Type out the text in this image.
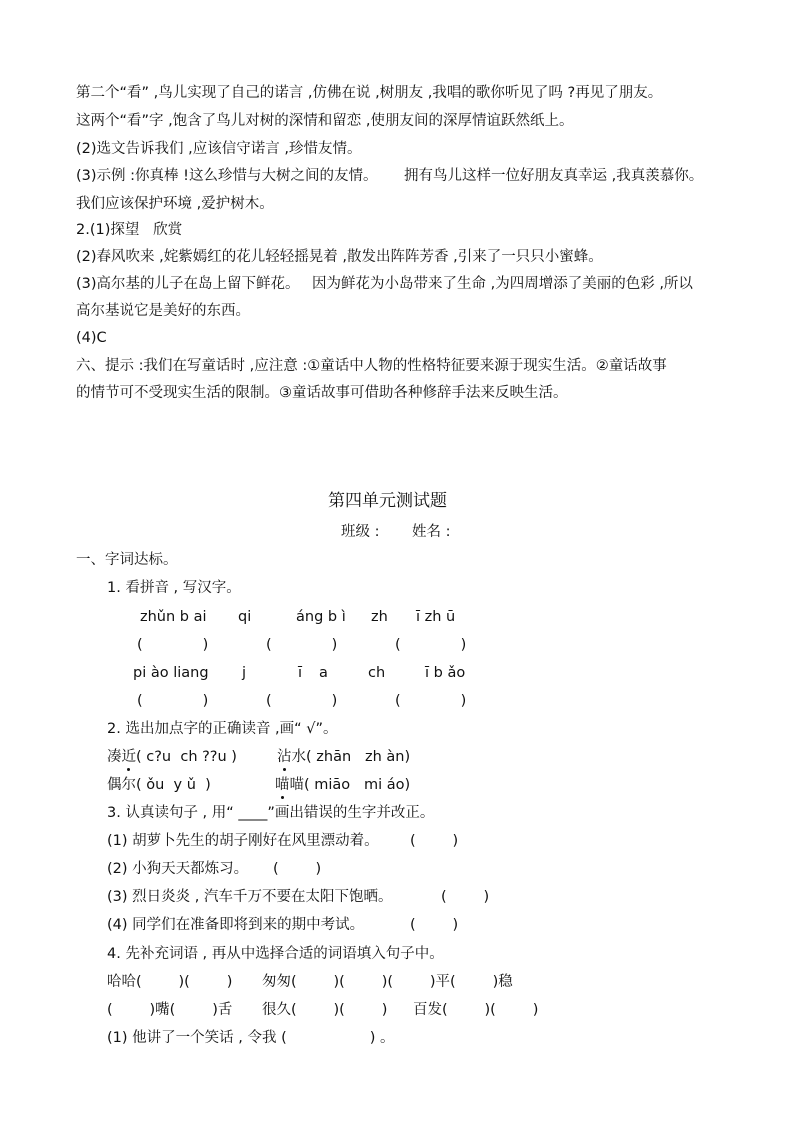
第二个“看” ,鸟儿实现了自己的诺言 ,仿佛在说 ,树朋友 ,我唱的歌你听见了吗 ?再见了朋友。
这两个“看”字 ,饱含了鸟儿对树的深情和留恋 ,使朋友间的深厚情谊跃然纸上。
(2)选文告诉我们 ,应该信守诺言 ,珍惜友情。
(3)示例 :你真棒 !这么珍惜与大树之间的友情。 拥有鸟儿这样一位好朋友真幸运 ,我真羡慕你。
我们应该保护环境 ,爱护树木。
2.(1)探望   欣赏
(2)春风吹来 ,姹紫嫣红的花儿轻轻摇晃着 ,散发出阵阵芳香 ,引来了一只只小蜜蜂。
(3)高尔基的儿子在岛上留下鲜花。 因为鲜花为小岛带来了生命 ,为四周增添了美丽的色彩 ,所以
高尔基说它是美好的东西。
(4)C
六、提示 :我们在写童话时 ,应注意 :①童话中人物的性格特征要来源于现实生活。②童话故事
的情节可不受现实生活的限制。③童话故事可借助各种修辞手法来反映生活。
第四单元测试题
班级 : 姓名 :
一、字词达标。
1. 看拼音 , 写汉字。
zhǔn b ai qi	áng b ì zh ī zh ū
(             )	(             )	(             )
pi ào liang j	ī a	ch	ī b ǎo
(             )	(             )	(             )
2. 选出加点字的正确读音 ,画“ √”。
凑近( c?u  ch ??u )	沾水( zhān   zh àn)
偶尔( ǒu  y ǔ  )	喵喵( miāo   mi áo)
3. 认真读句子 , 用“ ____”画出错误的生字并改正。
(1) 胡萝卜先生的胡子刚好在风里漂动着。 (        )
(2) 小狗天天都炼习。 (        )
(3) 烈日炎炎 , 汽车千万不要在太阳下饱晒。	(        )
(4) 同学们在准备即将到来的期中考试。	(        )
4. 先补充词语 , 再从中选择合适的词语填入句子中。
哈哈(        )(        ) 匆匆(        )(        )(        )平(        )稳
(        )嘴(        )舌 很久(        )(        ) 百发(        )(        )
(1) 他讲了一个笑话 , 令我 (                  ) 。
